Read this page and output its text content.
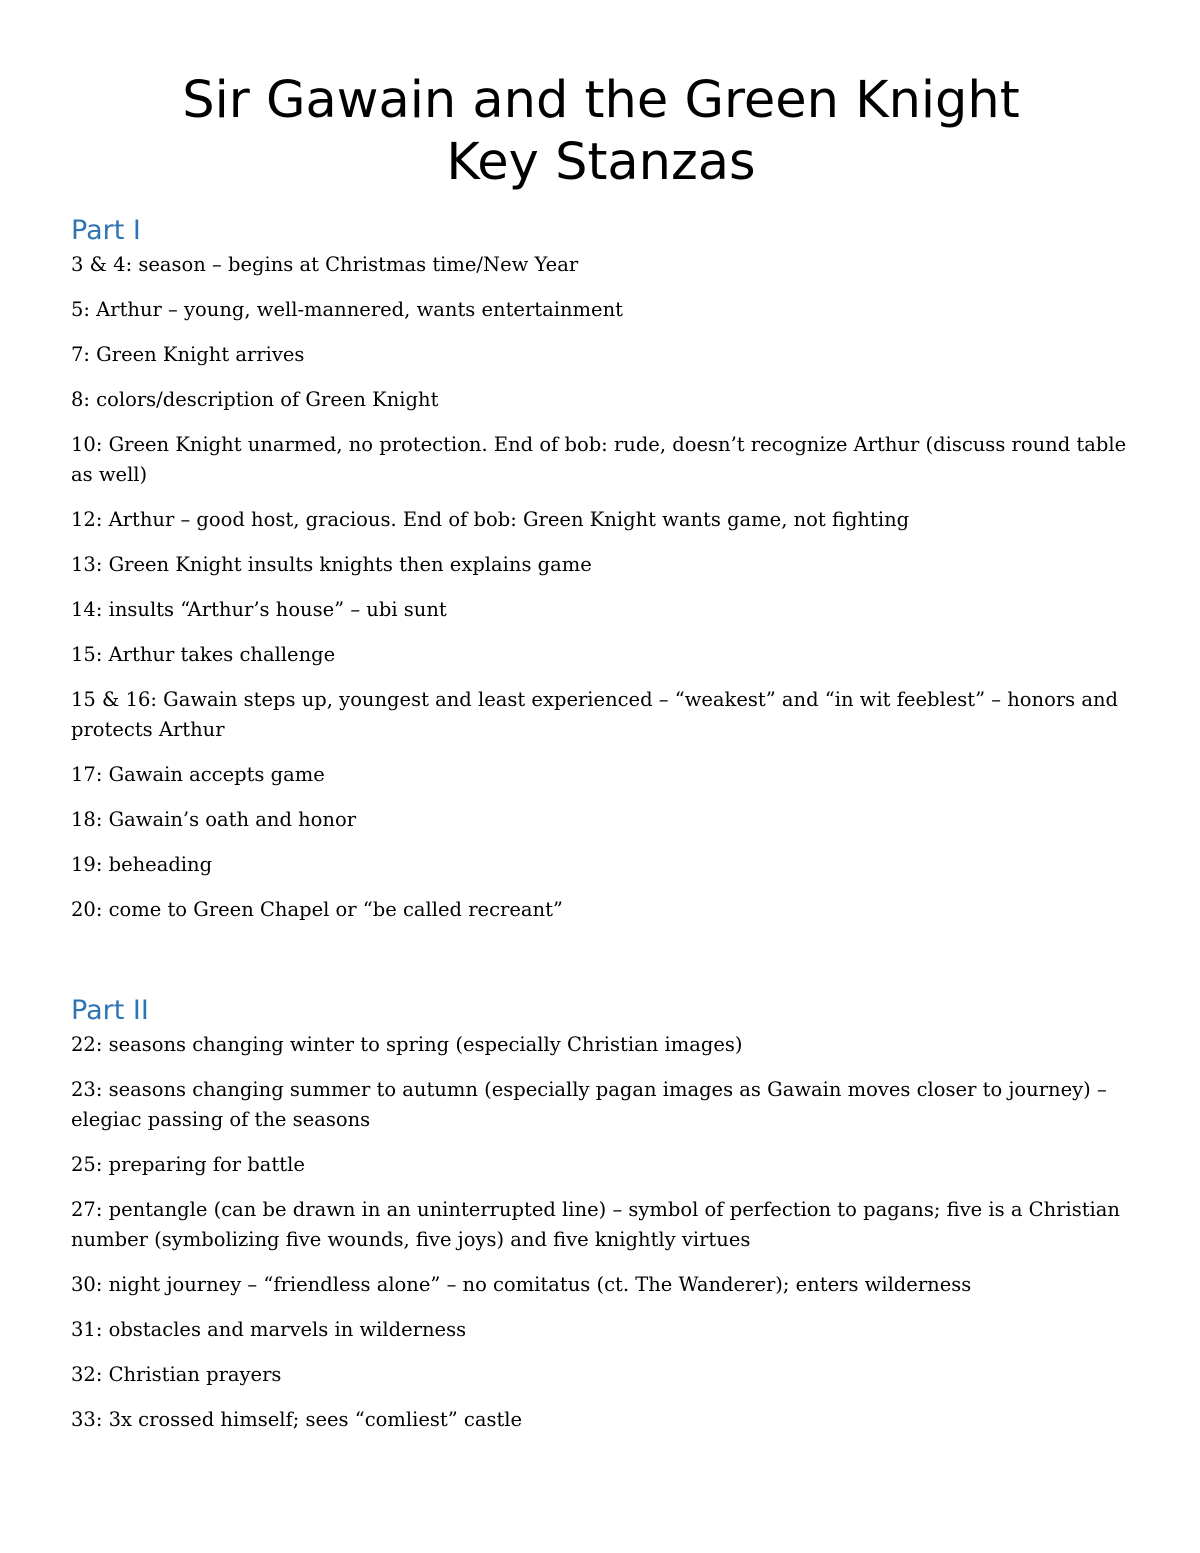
Sir Gawain and the Green Knight
Key Stanzas
Part I

3 & 4: season – begins at Christmas time/New Year

5: Arthur – young, well-mannered, wants entertainment

7: Green Knight arrives

8: colors/description of Green Knight

10: Green Knight unarmed, no protection. End of bob: rude, doesn’t recognize Arthur (discuss round table as well)

12: Arthur – good host, gracious. End of bob: Green Knight wants game, not fighting

13: Green Knight insults knights then explains game

14: insults “Arthur’s house” – ubi sunt

15: Arthur takes challenge

15 & 16: Gawain steps up, youngest and least experienced – “weakest” and “in wit feeblest” – honors and protects Arthur

17: Gawain accepts game

18: Gawain’s oath and honor

19: beheading

20: come to Green Chapel or “be called recreant”

Part II

22: seasons changing winter to spring (especially Christian images)

23: seasons changing summer to autumn (especially pagan images as Gawain moves closer to journey) – elegiac passing of the seasons

25: preparing for battle

27: pentangle (can be drawn in an uninterrupted line) – symbol of perfection to pagans; five is a Christian number (symbolizing five wounds, five joys) and five knightly virtues

30: night journey – “friendless alone” – no comitatus (ct. The Wanderer); enters wilderness

31: obstacles and marvels in wilderness

32: Christian prayers

33: 3x crossed himself; sees “comliest” castle
